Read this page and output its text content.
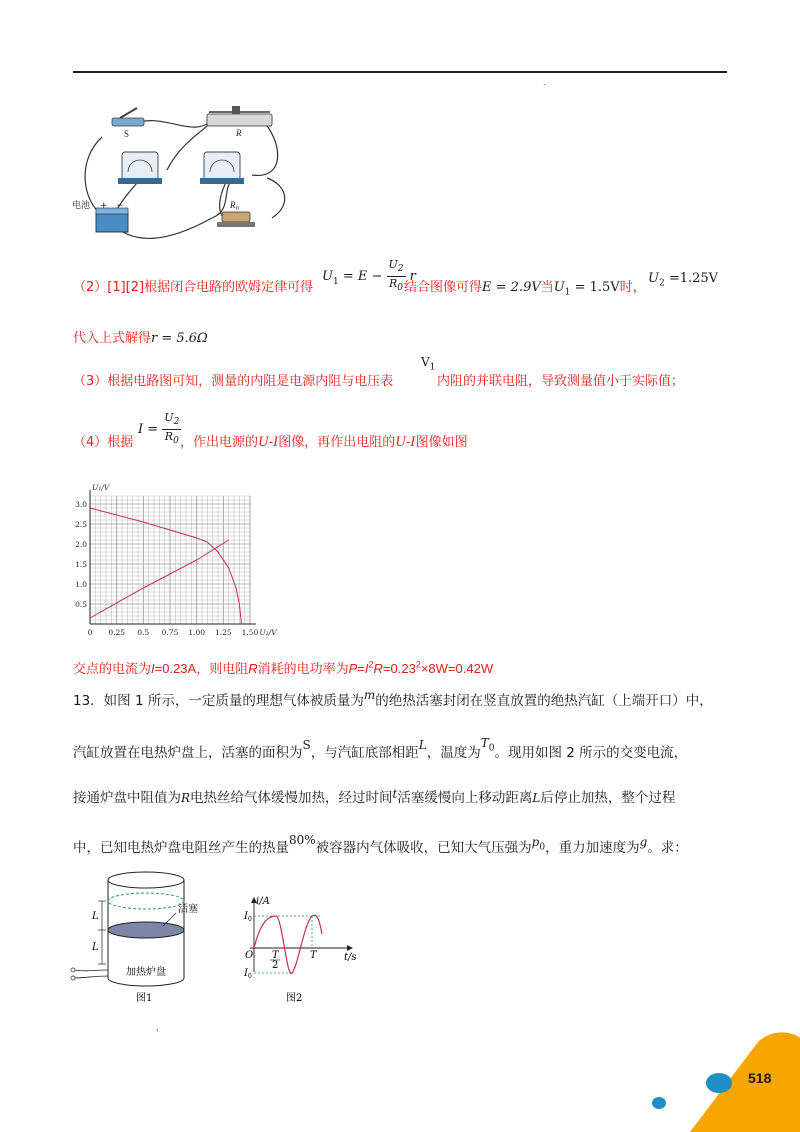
.
S	R
电池 + −	R 0
（2）[1][2]根据闭合电路的欧姆定律可得
$U_1 = E - \frac{U_2}{R_0}$ r
结合图像可得E = 2.9V当$U_1 = 1.5V$时，
$U_2 =1.25V$
代入上式解得r = 5.6Ω
（3）根据电路图可知，测量的内阻是电源内阻与电压表
$V_1$
内阻的并联电阻，导致测量值小于实际值；
（4）根据
$I = \frac{U_2}{R_0}$
，作出电源的U-I图像，再作出电阻的U-I图像如图
0 0.25 0.5 0.75 1.00 1.25 1.50
0.5
1.0
1.5
2.0
2.5
3.0
U₁/V
U₂/V
交点的电流为I=0.23A，则电阻R消耗的电功率为$P=I^2R=0.23^2\times 8W=0.42W$
13．如图 1 所示，一定质量的理想气体被质量为m的绝热活塞封闭在竖直放置的绝热汽缸（上端开口）中，
汽缸放置在电热炉盘上，活塞的面积为S，与汽缸底部相距L，温度为$T_0$。现用如图 2 所示的交变电流，
接通炉盘中阻值为R电热丝给气体缓慢加热，经过时间t活塞缓慢向上移动距离L后停止加热，整个过程
中，已知电热炉盘电阻丝产生的热量80%被容器内气体吸收，已知大气压强为$p_0$，重力加速度为g。求：
L
L
活塞
加热炉盘
图1
I 0
I 0
i/A
t/s
O T
2
T
图2
'
518
